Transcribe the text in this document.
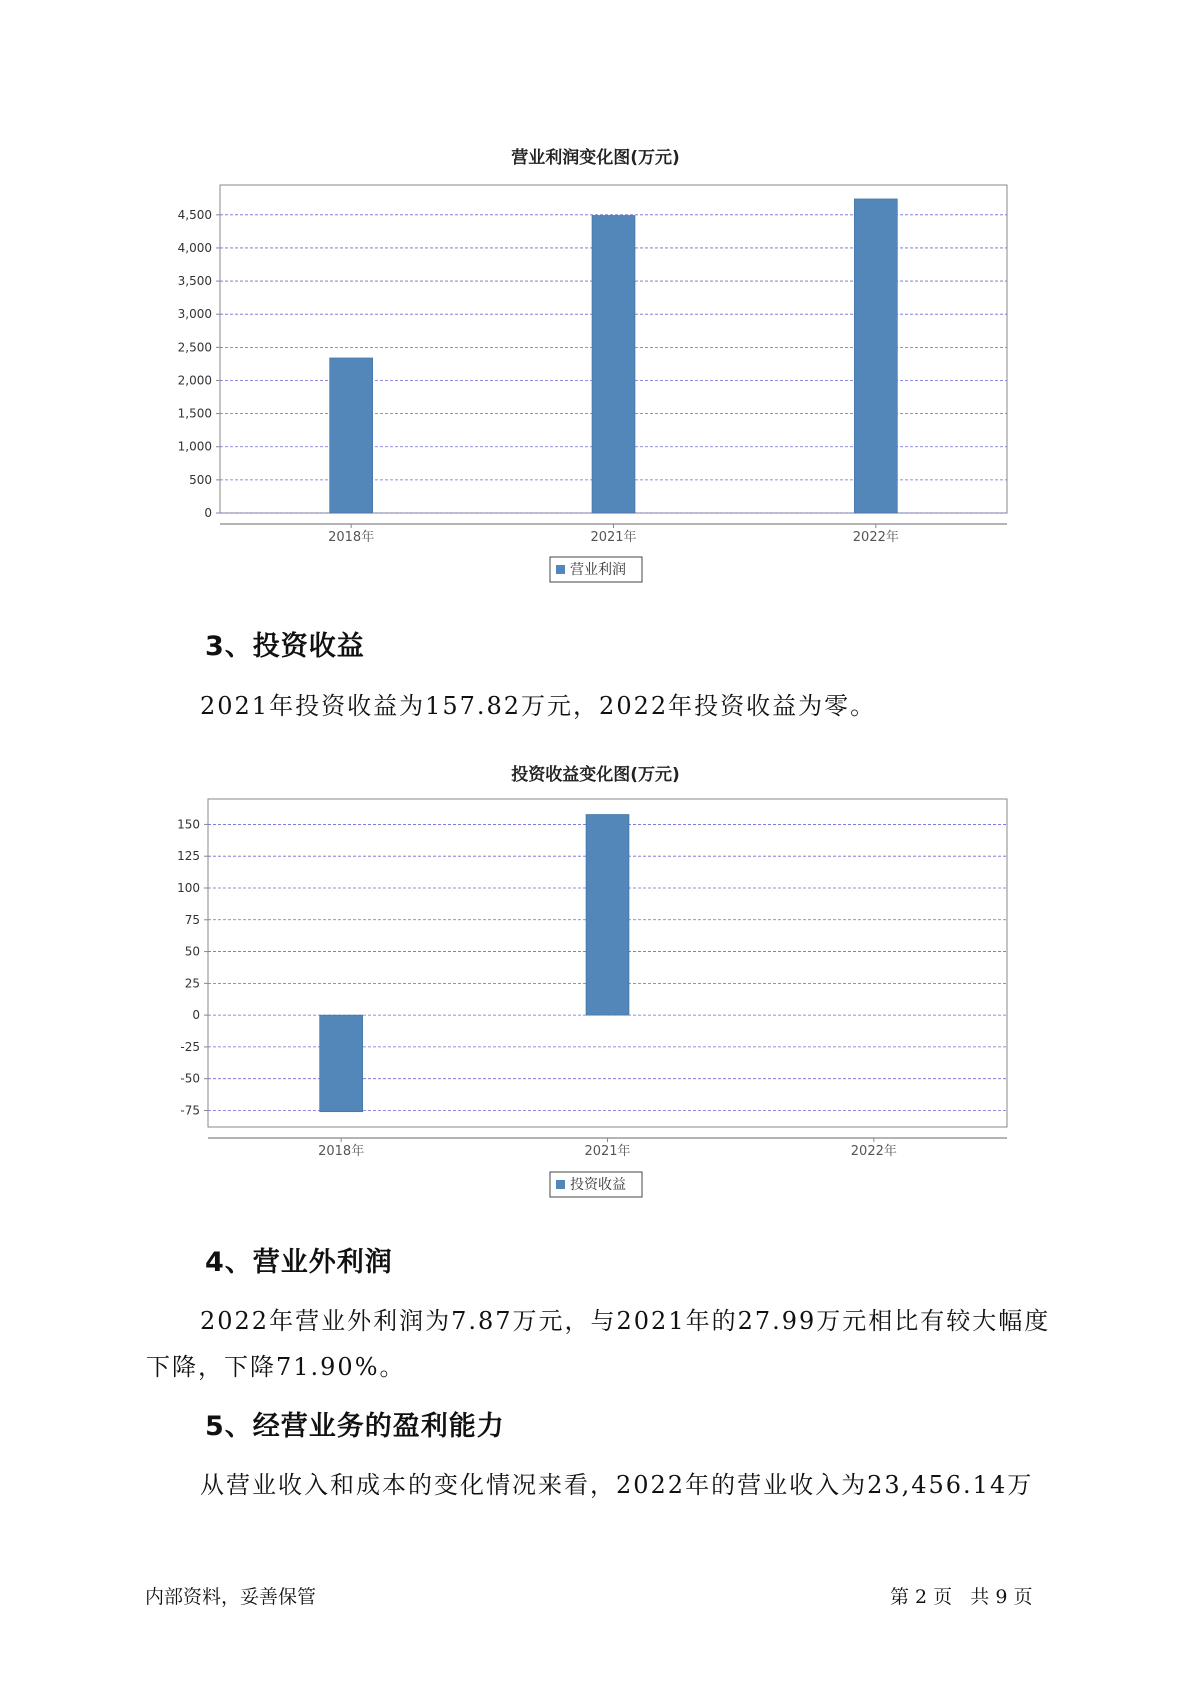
营业利润变化图(万元)
0
500
1,000
1,500
2,000
2,500
3,000
3,500
4,000
4,500
2018年	2021年	2022年
营业利润
3、投资收益
2021年投资收益为157.82万元，2022年投资收益为零。
投资收益变化图(万元)
-75
-50
-25
0
25
50
75
100
125
150
2018年	2021年	2022年
投资收益
4、营业外利润
2022年营业外利润为7.87万元，与2021年的27.99万元相比有较大幅度
下降，下降71.90%。
5、经营业务的盈利能力
从营业收入和成本的变化情况来看，2022年的营业收入为23,456.14万
内部资料，妥善保管	第 2 页   共 9 页
